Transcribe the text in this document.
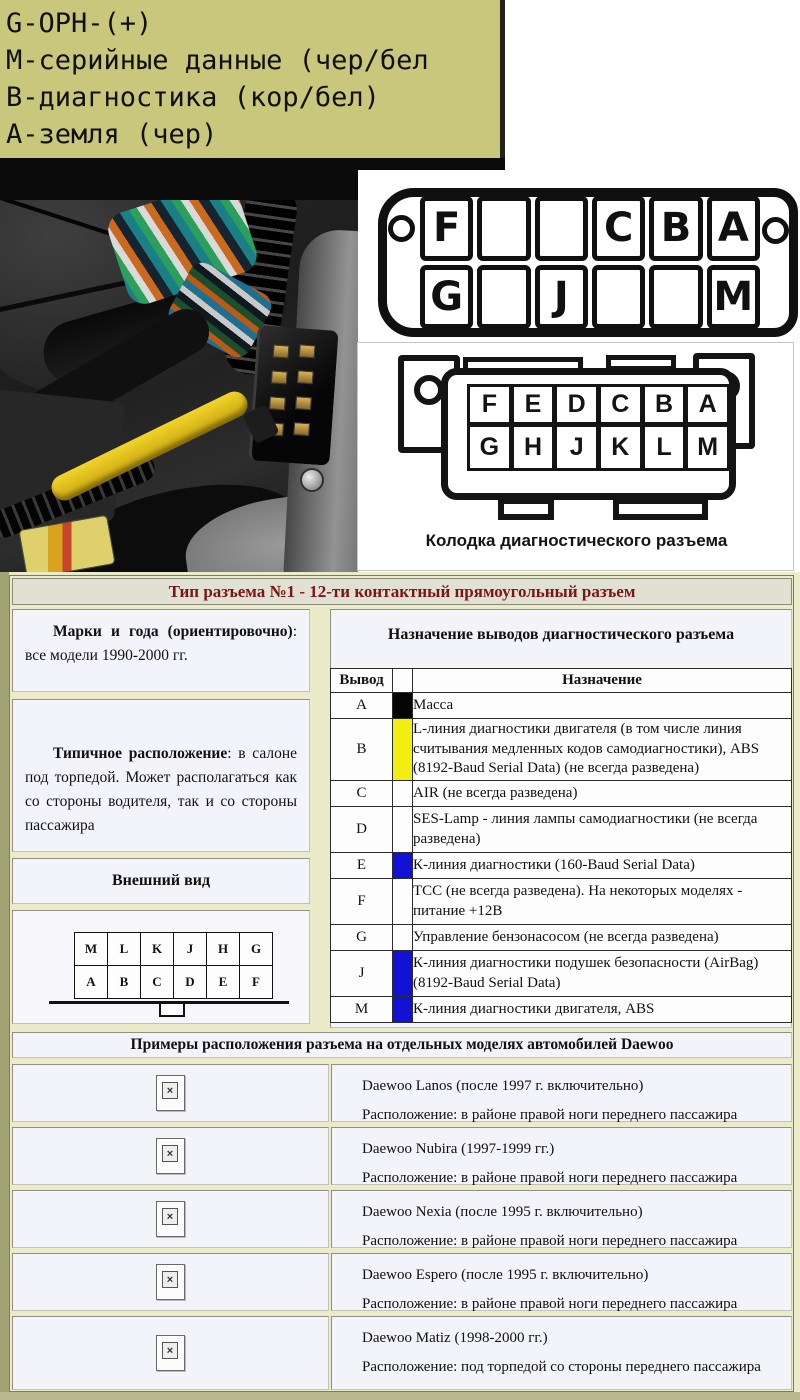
G-OPH-(+)
М-серийные данные (чер/бел
В-диагностика (кор/бел)
А-земля (чер)
F	C B A
G	J	M
F	E	D	C	B	A
G H	J	K	L	M
Колодка диагностического разъема
Тип разъема №1 - 12-ти контактный прямоугольный разъем

Марки и года (ориентировочно): все модели 1990-2000 гг.

Типичное расположение: в салоне под торпедой. Может располагаться как со стороны водителя, так и со стороны пассажира

Внешний вид
M	L	K	J	H	G
A	B	C	D	E	F
Назначение выводов диагностического разъема
Вывод		Назначение
A		Масса
B		L-линия диагностики двигателя (в том числе линия считывания медленных кодов самодиагностики), ABS (8192-Baud Serial Data) (не всегда разведена)
C		AIR (не всегда разведена)
D		SES-Lamp - линия лампы самодиагностики (не всегда разведена)
E		К-линия диагностики (160-Baud Serial Data)
F		TCC (не всегда разведена). На некоторых моделях - питание +12В
G		Управление бензонасосом (не всегда разведена)
J		К-линия диагностики подушек безопасности (AirBag) (8192-Baud Serial Data)
M		К-линия диагностики двигателя, ABS
Примеры расположения разъема на отдельных моделях автомобилей Daewoo
×	Daewoo Lanos (после 1997 г. включительно)

Расположение: в районе правой ноги переднего пассажира

×	Daewoo Nubira (1997-1999 гг.)

Расположение: в районе правой ноги переднего пассажира

×	Daewoo Nexia (после 1995 г. включительно)

Расположение: в районе правой ноги переднего пассажира

×	Daewoo Espero (после 1995 г. включительно)

Расположение: в районе правой ноги переднего пассажира

×

Daewoo Matiz (1998-2000 гг.)

Расположение: под торпедой со стороны переднего пассажира
